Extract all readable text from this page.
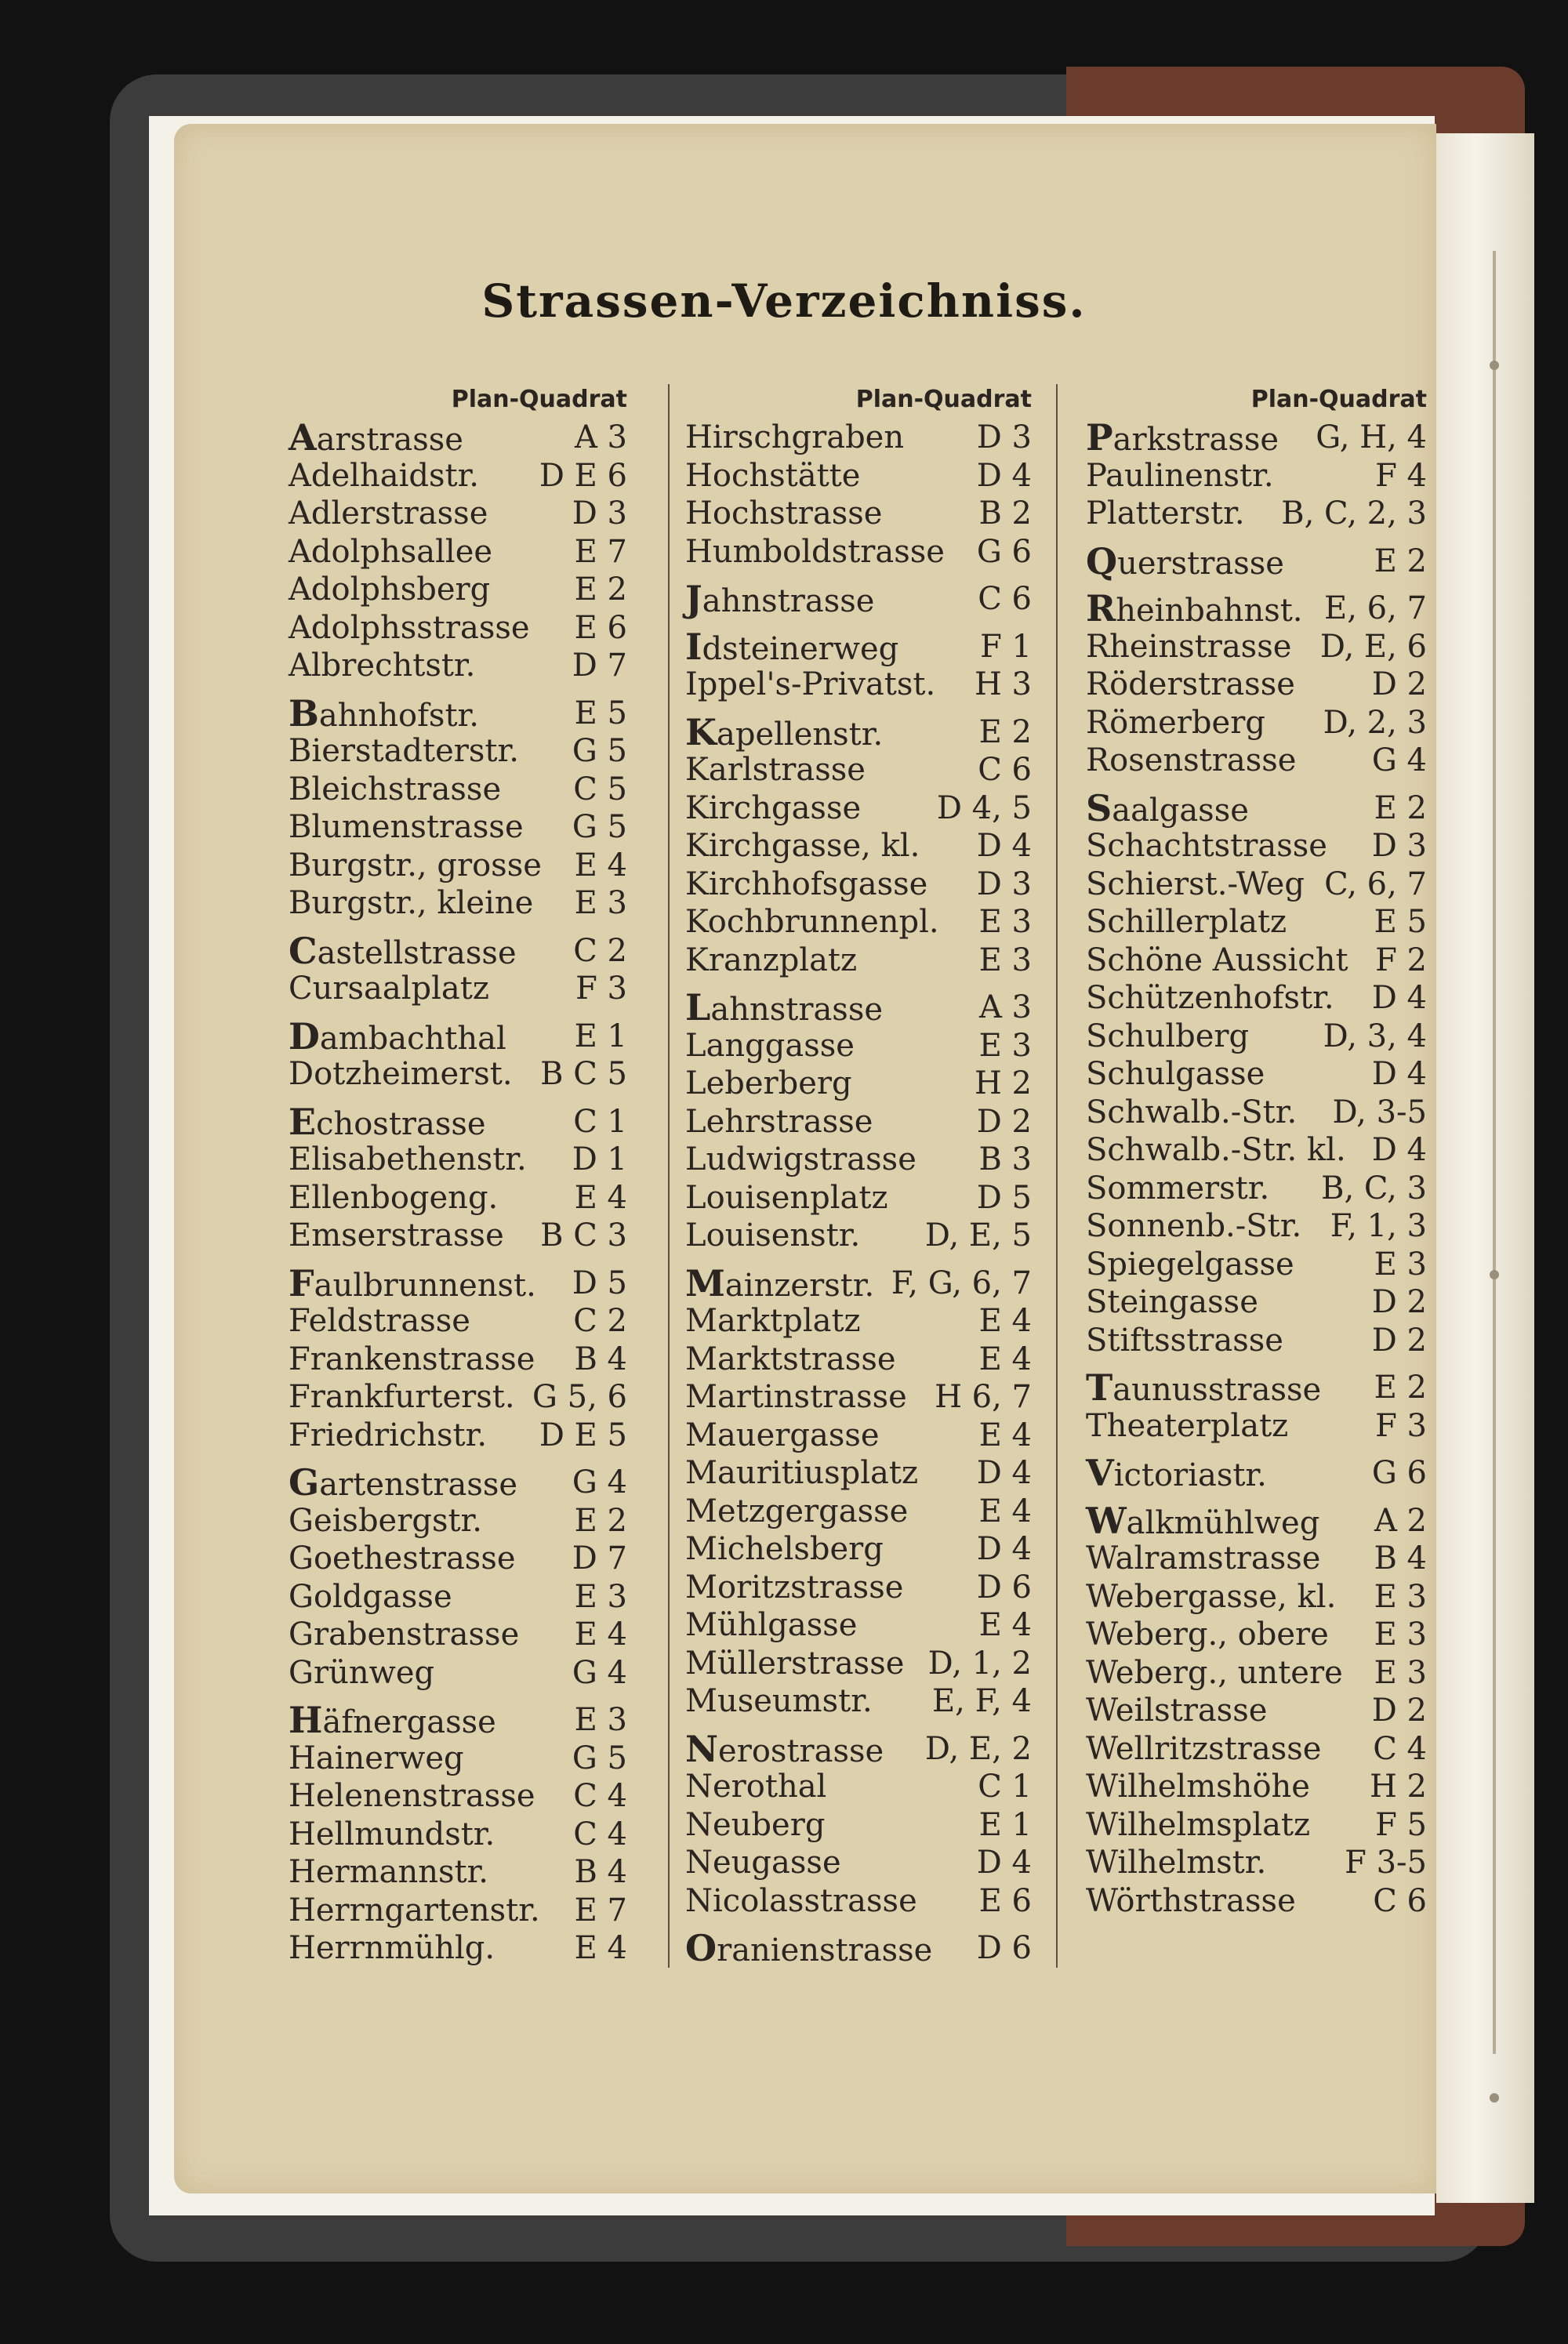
Strassen-Verzeichniss.
Plan-Quadrat
Aarstrasse	A 3
Adelhaidstr. D E 6
Adlerstrasse	D 3
Adolphsallee	E 7
Adolphsberg	E 2
Adolphsstrasse E 6
Albrechtstr.	D 7
Bahnhofstr.	E 5
Bierstadterstr. G 5
Bleichstrasse C 5
Blumenstrasse G 5
Burgstr., grosse E 4
Burgstr., kleine E 3
Castellstrasse C 2
Cursaalplatz	F 3
Dambachthal E 1
Dotzheimerst. B C 5
Echostrasse	C 1
Elisabethenstr. D 1
Ellenbogeng. E 4
Emserstrasse B C 3
Faulbrunnenst. D 5
Feldstrasse	C 2
Frankenstrasse B 4
Frankfurterst. G 5, 6
Friedrichstr. D E 5
Gartenstrasse G 4
Geisbergstr.	E 2
Goethestrasse D 7
Goldgasse	E 3
Grabenstrasse E 4
Grünweg	G 4
Häfnergasse E 3
Hainerweg	G 5
Helenenstrasse C 4
Hellmundstr. C 4
Hermannstr.	B 4
Herrngartenstr. E 7
Herrnmühlg.	E 4
Plan-Quadrat
Hirschgraben D 3
Hochstätte	D 4
Hochstrasse	B 2
Humboldstrasse G 6
Jahnstrasse	C 6
Idsteinerweg	F 1
Ippel's-Privatst. H 3
Kapellenstr.	E 2
Karlstrasse	C 6
Kirchgasse D 4, 5
Kirchgasse, kl. D 4
Kirchhofsgasse D 3
Kochbrunnenpl. E 3
Kranzplatz	E 3
Lahnstrasse	A 3
Langgasse	E 3
Leberberg	H 2
Lehrstrasse	D 2
Ludwigstrasse B 3
Louisenplatz	D 5
Louisenstr. D, E, 5
Mainzerstr. F, G, 6, 7
Marktplatz	E 4
Marktstrasse	E 4
Martinstrasse H 6, 7
Mauergasse	E 4
Mauritiusplatz D 4
Metzgergasse E 4
Michelsberg	D 4
Moritzstrasse D 6
Mühlgasse	E 4
Müllerstrasse D, 1, 2
Museumstr. E, F, 4
Nerostrasse D, E, 2
Nerothal	C 1
Neuberg	E 1
Neugasse	D 4
Nicolasstrasse E 6
Oranienstrasse D 6
Plan-Quadrat
Parkstrasse G, H, 4
Paulinenstr.	F 4
Platterstr. B, C, 2, 3
Querstrasse	E 2
Rheinbahnst. E, 6, 7
Rheinstrasse D, E, 6
Röderstrasse D 2
Römerberg D, 2, 3
Rosenstrasse G 4
Saalgasse	E 2
Schachtstrasse D 3
Schierst.-Weg C, 6, 7
Schillerplatz	E 5
Schöne Aussicht F 2
Schützenhofstr. D 4
Schulberg D, 3, 4
Schulgasse	D 4
Schwalb.-Str. D, 3-5
Schwalb.-Str. kl. D 4
Sommerstr. B, C, 3
Sonnenb.-Str. F, 1, 3
Spiegelgasse	E 3
Steingasse	D 2
Stiftsstrasse	D 2
Taunusstrasse E 2
Theaterplatz	F 3
Victoriastr.	G 6
Walkmühlweg A 2
Walramstrasse B 4
Webergasse, kl. E 3
Weberg., obere E 3
Weberg., untere E 3
Weilstrasse	D 2
Wellritzstrasse C 4
Wilhelmshöhe H 2
Wilhelmsplatz F 5
Wilhelmstr. F 3-5
Wörthstrasse C 6
